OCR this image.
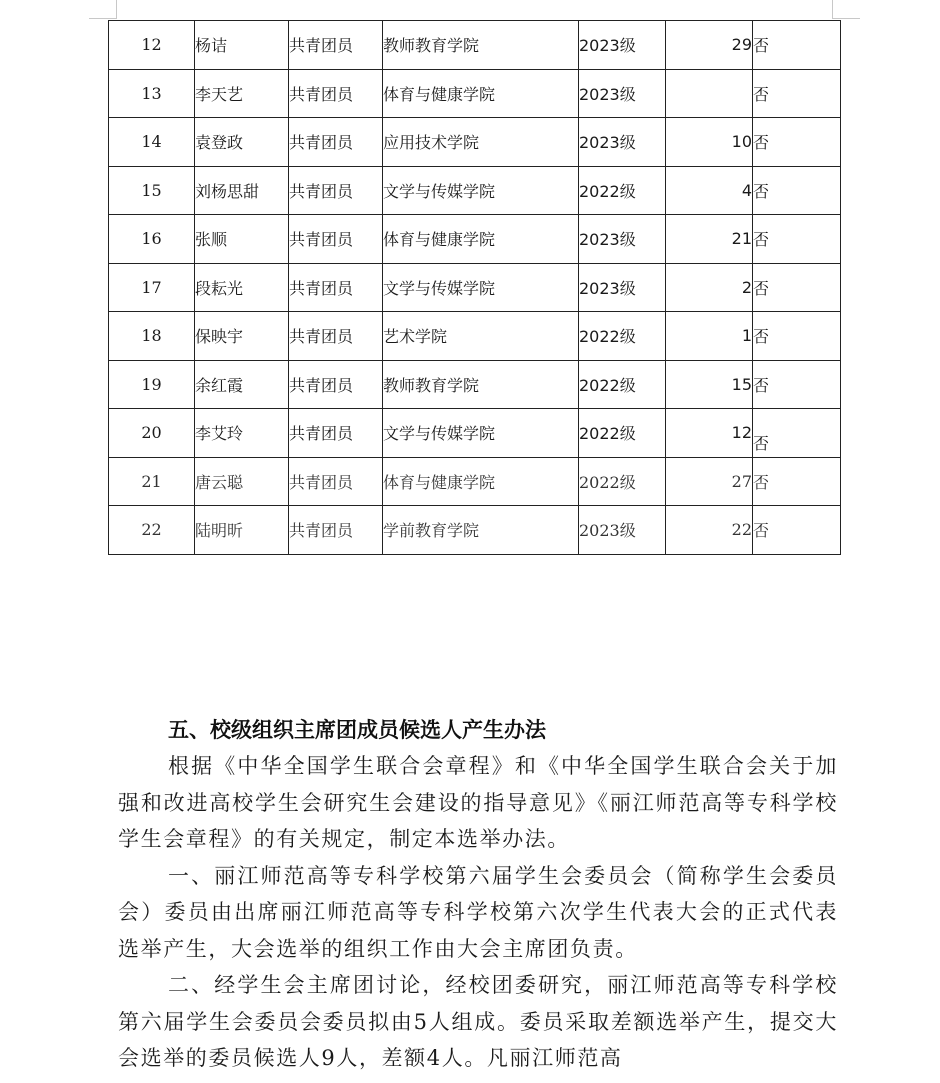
12	杨诘	共青团员	教师教育学院	2023级	29	否
13	李天艺	共青团员	体育与健康学院	2023级		否
14	袁登政	共青团员	应用技术学院	2023级	10	否
15	刘杨思甜	共青团员	文学与传媒学院	2022级	4	否
16	张顺	共青团员	体育与健康学院	2023级	21	否
17	段耘光	共青团员	文学与传媒学院	2023级	2	否
18	保映宇	共青团员	艺术学院	2022级	1	否
19	余红霞	共青团员	教师教育学院	2022级	15	否
20	李艾玲	共青团员	文学与传媒学院	2022级	12	否
21	唐云聪	共青团员	体育与健康学院	2022级	27	否
22	陆明昕	共青团员	学前教育学院	2023级	22	否

五、校级组织主席团成员候选人产生办法

根据《中华全国学生联合会章程》和《中华全国学生联合会关于加强和改进高校学生会研究生会建设的指导意见》《丽江师范高等专科学校学生会章程》的有关规定，制定本选举办法。

一、丽江师范高等专科学校第六届学生会委员会（简称学生会委员会）委员由出席丽江师范高等专科学校第六次学生代表大会的正式代表选举产生，大会选举的组织工作由大会主席团负责。

二、经学生会主席团讨论，经校团委研究，丽江师范高等专科学校第六届学生会委员会委员拟由5人组成。委员采取差额选举产生，提交大会选举的委员候选人9人，差额4人。凡丽江师范高
